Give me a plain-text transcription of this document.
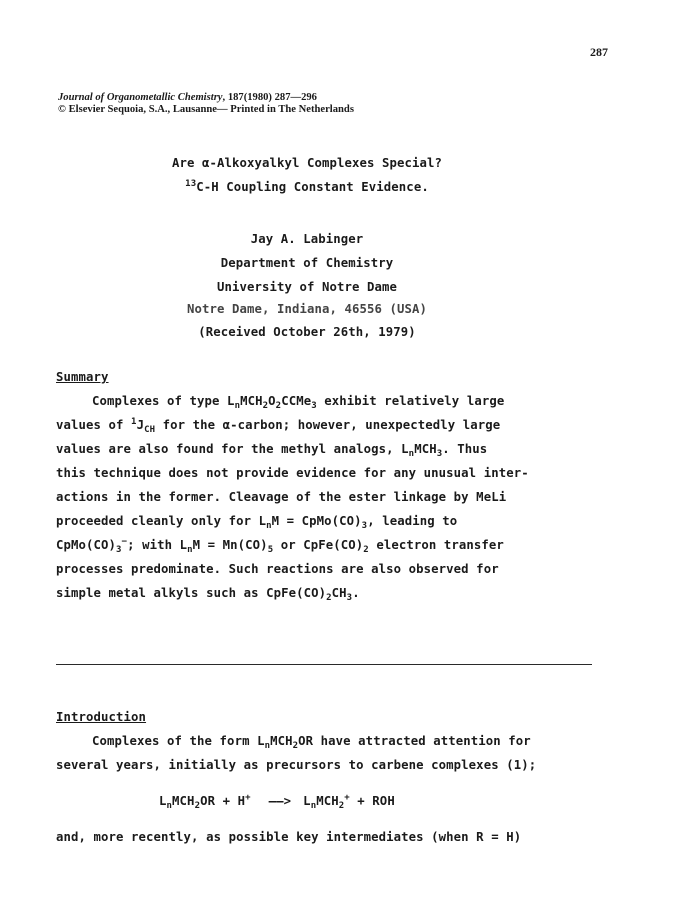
287
Journal of Organometallic Chemistry, 187(1980) 287—296
© Elsevier Sequoia, S.A., Lausanne— Printed in The Netherlands
Are α-Alkoxyalkyl Complexes Special?
$^{13}$C-H Coupling Constant Evidence.
Jay A. Labinger
Department of Chemistry
University of Notre Dame
Notre Dame, Indiana, 46556 (USA)
(Received October 26th, 1979)
Summary
Complexes of type $L_nMCH_2O_2CCMe_3$ exhibit relatively large
values of $^1J_{CH}$ for the α-carbon; however, unexpectedly large
values are also found for the methyl analogs, $L_nMCH_3$. Thus
this technique does not provide evidence for any unusual inter-
actions in the former. Cleavage of the ester linkage by MeLi
proceeded cleanly only for $L_nM$ = $CpMo(CO)_3$, leading to
$CpMo(CO)_3^-$; with $L_nM = Mn(CO)_5$ or $CpFe(CO)_2$ electron transfer
processes predominate. Such reactions are also observed for
simple metal alkyls such as $CpFe(CO)_2CH_3$.
Introduction
Complexes of the form $L_nMCH_2OR$ have attracted attention for
several years, initially as precursors to carbene complexes (1);
$L_nMCH_2OR + H^+$ ——> $L_nMCH_2^+$ + ROH
and, more recently, as possible key intermediates (when R = H)
